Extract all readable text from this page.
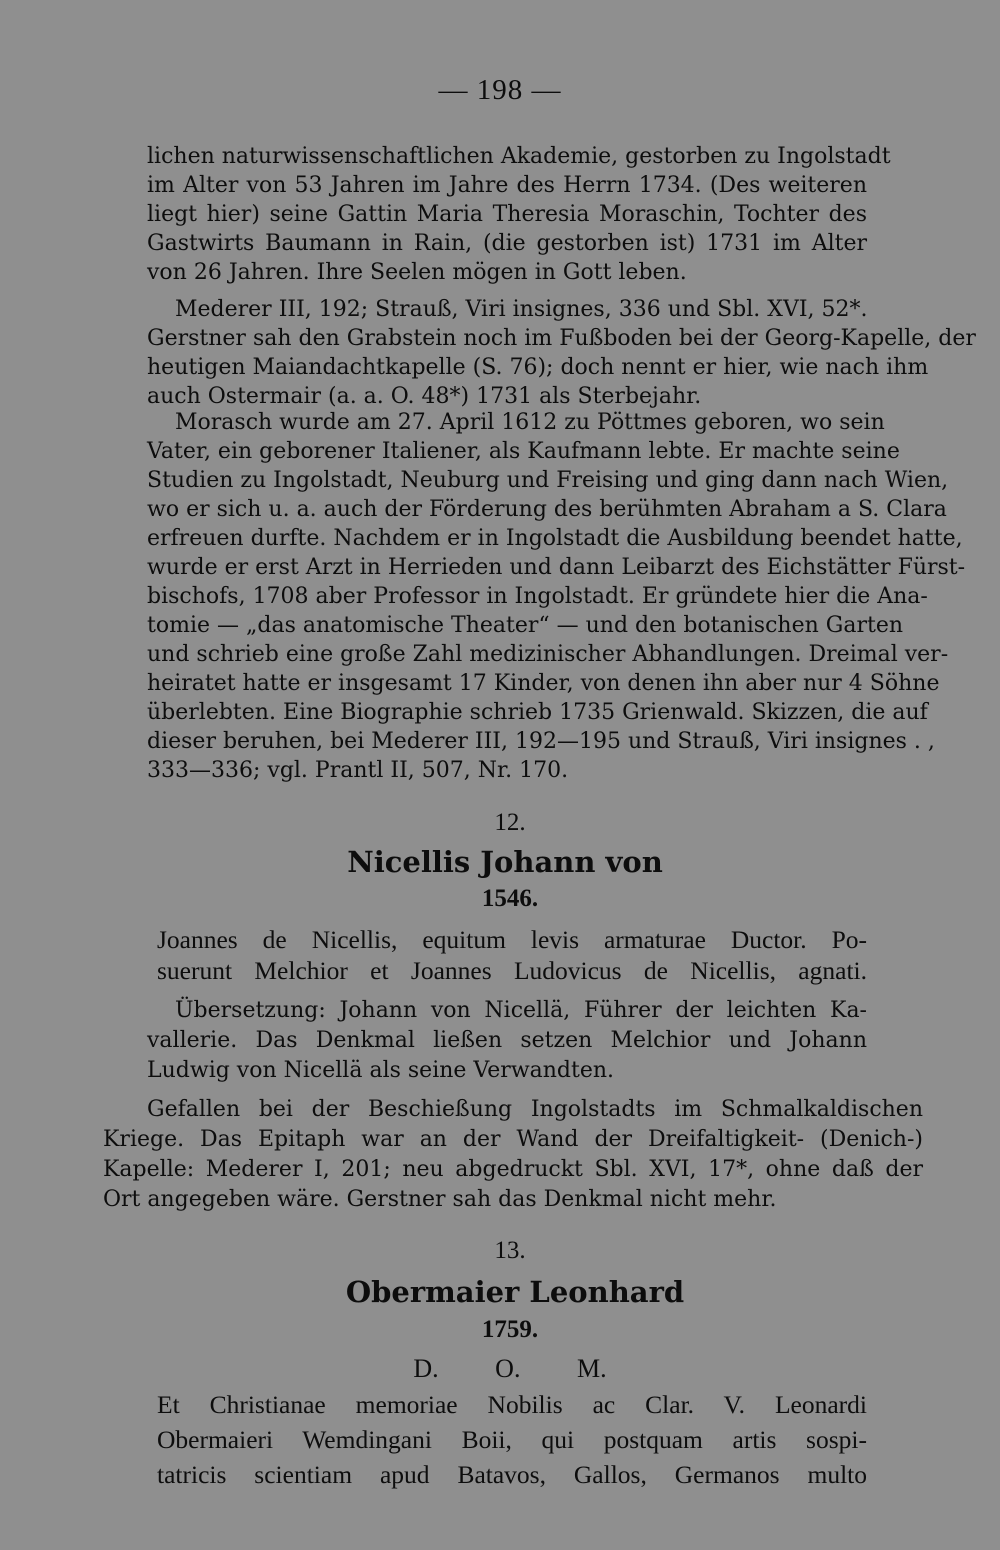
— 198 —
lichen naturwissenschaftlichen Akademie, gestorben zu Ingolstadt
im Alter von 53 Jahren im Jahre des Herrn 1734. (Des weiteren
liegt hier) seine Gattin Maria Theresia Moraschin, Tochter des
Gastwirts Baumann in Rain, (die gestorben ist) 1731 im Alter
von 26 Jahren. Ihre Seelen mögen in Gott leben.
Mederer III, 192; Strauß, Viri insignes, 336 und Sbl. XVI, 52*.
Gerstner sah den Grabstein noch im Fußboden bei der Georg-Kapelle, der
heutigen Maiandachtkapelle (S. 76); doch nennt er hier, wie nach ihm
auch Ostermair (a. a. O. 48*) 1731 als Sterbejahr.
Morasch wurde am 27. April 1612 zu Pöttmes geboren, wo sein
Vater, ein geborener Italiener, als Kaufmann lebte. Er machte seine
Studien zu Ingolstadt, Neuburg und Freising und ging dann nach Wien,
wo er sich u. a. auch der Förderung des berühmten Abraham a S. Clara
erfreuen durfte. Nachdem er in Ingolstadt die Ausbildung beendet hatte,
wurde er erst Arzt in Herrieden und dann Leibarzt des Eichstätter Fürst-
bischofs, 1708 aber Professor in Ingolstadt. Er gründete hier die Ana-
tomie — „das anatomische Theater“ — und den botanischen Garten
und schrieb eine große Zahl medizinischer Abhandlungen. Dreimal ver-
heiratet hatte er insgesamt 17 Kinder, von denen ihn aber nur 4 Söhne
überlebten. Eine Biographie schrieb 1735 Grienwald. Skizzen, die auf
dieser beruhen, bei Mederer III, 192—195 und Strauß, Viri insignes . ,
333—336; vgl. Prantl II, 507, Nr. 170.
12.
Nicellis Johann von
1546.
Joannes de Nicellis, equitum levis armaturae Ductor. Po-
suerunt Melchior et Joannes Ludovicus de Nicellis, agnati.
Übersetzung: Johann von Nicellä, Führer der leichten Ka-
vallerie. Das Denkmal ließen setzen Melchior und Johann
Ludwig von Nicellä als seine Verwandten.
Gefallen bei der Beschießung Ingolstadts im Schmalkaldischen
Kriege. Das Epitaph war an der Wand der Dreifaltigkeit- (Denich-)
Kapelle: Mederer I, 201; neu abgedruckt Sbl. XVI, 17*, ohne daß der
Ort angegeben wäre. Gerstner sah das Denkmal nicht mehr.
13.
Obermaier Leonhard
1759.
D. O. M.
Et Christianae memoriae Nobilis ac Clar. V. Leonardi
Obermaieri Wemdingani Boii, qui postquam artis sospi-
tatricis scientiam apud Batavos, Gallos, Germanos multo
